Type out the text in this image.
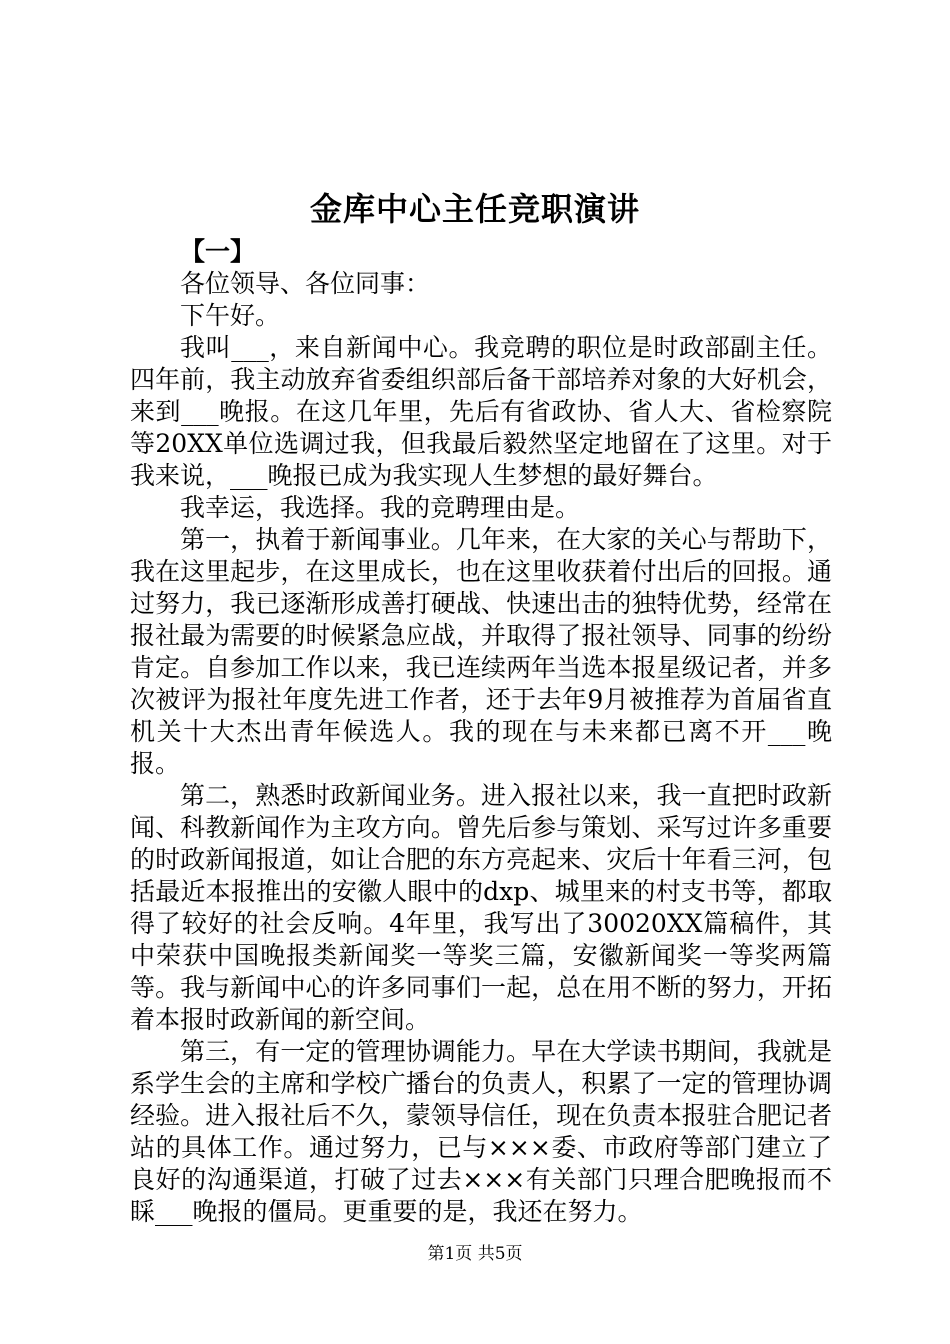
金库中心主任竞职演讲

【一】

各位领导、各位同事：

下午好。

我叫___，来自新闻中心。我竞聘的职位是时政部副主任。四年前，我主动放弃省委组织部后备干部培养对象的大好机会，来到___晚报。在这几年里，先后有省政协、省人大、省检察院等20XX单位选调过我，但我最后毅然坚定地留在了这里。对于我来说，___晚报已成为我实现人生梦想的最好舞台。

我幸运，我选择。我的竞聘理由是。

第一，执着于新闻事业。几年来，在大家的关心与帮助下，我在这里起步，在这里成长，也在这里收获着付出后的回报。通过努力，我已逐渐形成善打硬战、快速出击的独特优势，经常在报社最为需要的时候紧急应战，并取得了报社领导、同事的纷纷肯定。自参加工作以来，我已连续两年当选本报星级记者，并多次被评为报社年度先进工作者，还于去年9月被推荐为首届省直机关十大杰出青年候选人。我的现在与未来都已离不开___晚报。

第二，熟悉时政新闻业务。进入报社以来，我一直把时政新闻、科教新闻作为主攻方向。曾先后参与策划、采写过许多重要的时政新闻报道，如让合肥的东方亮起来、灾后十年看三河，包括最近本报推出的安徽人眼中的dxp、城里来的村支书等，都取得了较好的社会反响。4年里，我写出了30020XX篇稿件，其中荣获中国晚报类新闻奖一等奖三篇，安徽新闻奖一等奖两篇等。我与新闻中心的许多同事们一起，总在用不断的努力，开拓着本报时政新闻的新空间。

第三，有一定的管理协调能力。早在大学读书期间，我就是系学生会的主席和学校广播台的负责人，积累了一定的管理协调经验。进入报社后不久，蒙领导信任，现在负责本报驻合肥记者站的具体工作。通过努力，已与×××委、市政府等部门建立了良好的沟通渠道，打破了过去×××有关部门只理合肥晚报而不睬___晚报的僵局。更重要的是，我还在努力。

第1页 共5页
